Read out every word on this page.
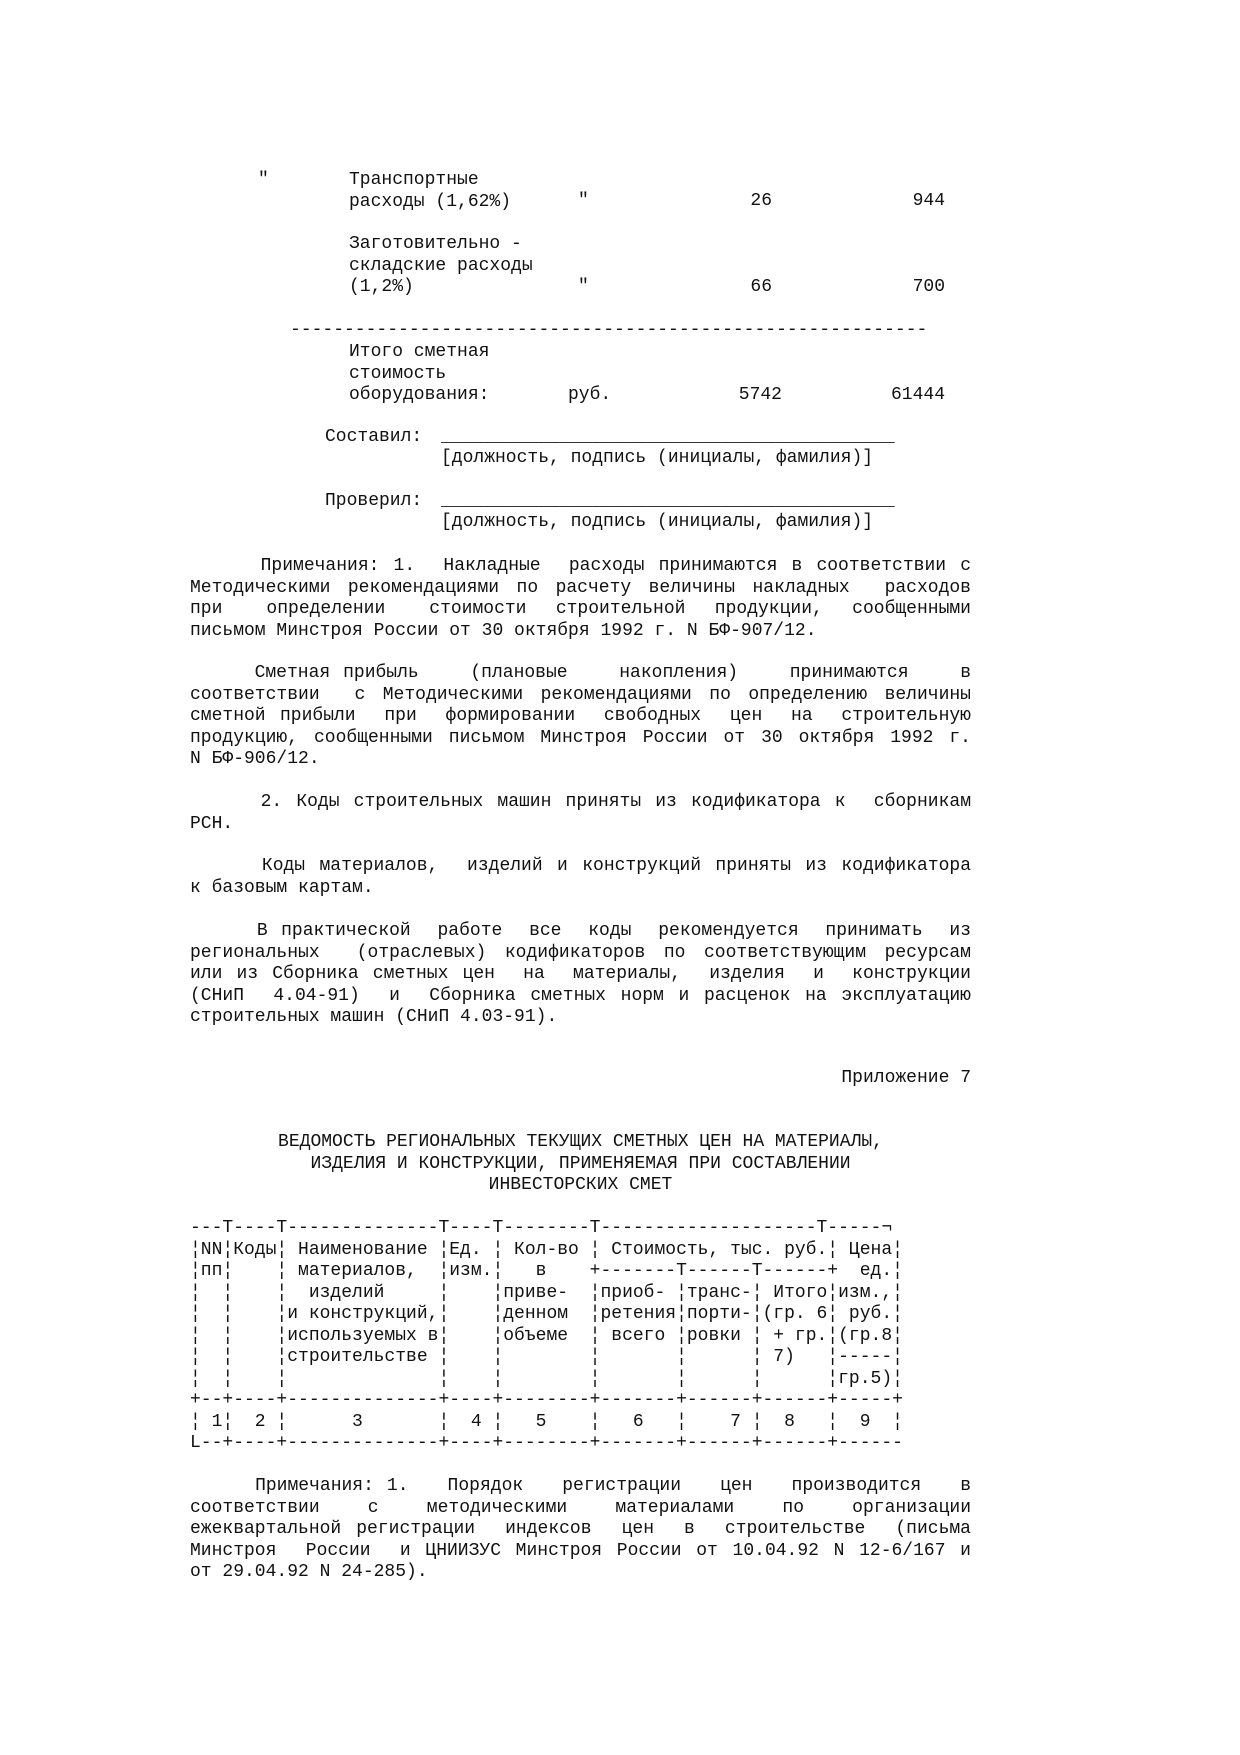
"	Транспортные
расходы (1,62%)	"	26	944
Заготовительно -
складские расходы
(1,2%)	"	66	700
-----------------------------------------------------------
Итого сметная
стоимость
оборудования:	руб.	5742	61444
Составил: __________________________________________
[должность, подпись (инициалы, фамилия)]
Проверил: __________________________________________
[должность, подпись (инициалы, фамилия)]
Примечания: 1.  Накладные  расходы принимаются в соответствии с
Методическими рекомендациями по расчету величины накладных  расходов
при   определении   стоимости  строительной  продукции,  сообщенными
письмом Минстроя России от 30 октября 1992 г. N БФ-907/12.
Сметная прибыль    (плановые    накопления)    принимаются    в
соответствии  с Методическими рекомендациями по определению величины
сметной прибыли  при  формировании  свободных  цен  на  строительную
продукцию, сообщенными письмом Минстроя России от 30 октября 1992 г.
N БФ-906/12.
2. Коды строительных машин приняты из кодификатора к  сборникам
РСН.
Коды материалов,  изделий и конструкций приняты из кодификатора
к базовым картам.
В практической  работе  все  коды  рекомендуется  принимать  из
региональных  (отраслевых) кодификаторов по соответствующим ресурсам
или из Сборника сметных цен  на  материалы,  изделия  и  конструкции
(СНиП  4.04-91)  и  Сборника сметных норм и расценок на эксплуатацию
строительных машин (СНиП 4.03-91).
Приложение 7
ВЕДОМОСТЬ РЕГИОНАЛЬНЫХ ТЕКУЩИХ СМЕТНЫХ ЦЕН НА МАТЕРИАЛЫ,
ИЗДЕЛИЯ И КОНСТРУКЦИИ, ПРИМЕНЯЕМАЯ ПРИ СОСТАВЛЕНИИ
ИНВЕСТОРСКИХ СМЕТ
---T----T--------------T----T--------T--------------------T-----¬
¦NN¦Коды¦ Наименование ¦Ед. ¦ Кол-во ¦ Стоимость, тыс. руб.¦ Цена¦
¦пп¦    ¦ материалов,  ¦изм.¦   в    +-------T------T------+  ед.¦
¦  ¦    ¦  изделий     ¦    ¦приве-  ¦приоб- ¦транс-¦ Итого¦изм.,¦
¦  ¦    ¦и конструкций,¦    ¦денном  ¦ретения¦порти-¦(гр. 6¦ руб.¦
¦  ¦    ¦используемых в¦    ¦объеме  ¦ всего ¦ровки ¦ + гр.¦(гр.8¦
¦  ¦    ¦строительстве ¦    ¦        ¦       ¦      ¦ 7)   ¦-----¦
¦  ¦    ¦              ¦    ¦        ¦       ¦      ¦      ¦гр.5)¦
+--+----+--------------+----+--------+-------+------+------+-----+
¦ 1¦  2 ¦      3       ¦  4 ¦   5    ¦   6   ¦    7 ¦  8   ¦  9  ¦
L--+----+--------------+----+--------+-------+------+------+------
Примечания: 1.   Порядок   регистрации   цен   производится   в
соответствии    с    методическими    материалами    по    организации
ежеквартальной регистрации  индексов  цен  в  строительстве  (письма
Минстроя  России  и ЦНИИЗУС Минстроя России от 10.04.92 N 12-6/167 и
от 29.04.92 N 24-285).
